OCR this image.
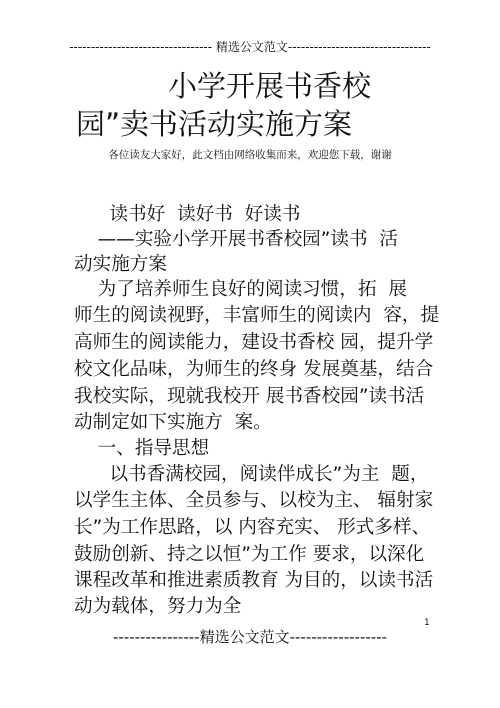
--------------------------------- 精选公文范文---------------------------------
小学开展书香校
园”卖书活动实施方案
各位读友大家好，此文档由网络收集而来，欢迎您下载，谢谢
读书好  读好书  好读书
——实验小学开展书香校园”读书  活
动实施方案
为了培养师生良好的阅读习惯，拓  展
师生的阅读视野，丰富师生的阅读内  容，提
高师生的阅读能力，建设书香校 园，提升学
校文化品味，为师生的终身 发展奠基，结合
我校实际，现就我校开 展书香校园”读书活
动制定如下实施方  案。
一、指导思想
以书香满校园，阅读伴成长”为主  题，
以学生主体、全员参与、以校为主、 辐射家
长”为工作思路，以 内容充实、 形式多样、
鼓励创新、持之以恒”为工作 要求，以深化
课程改革和推进素质教育 为目的，以读书活
动为载体，努力为全
1
----------------精选公文范文------------------
